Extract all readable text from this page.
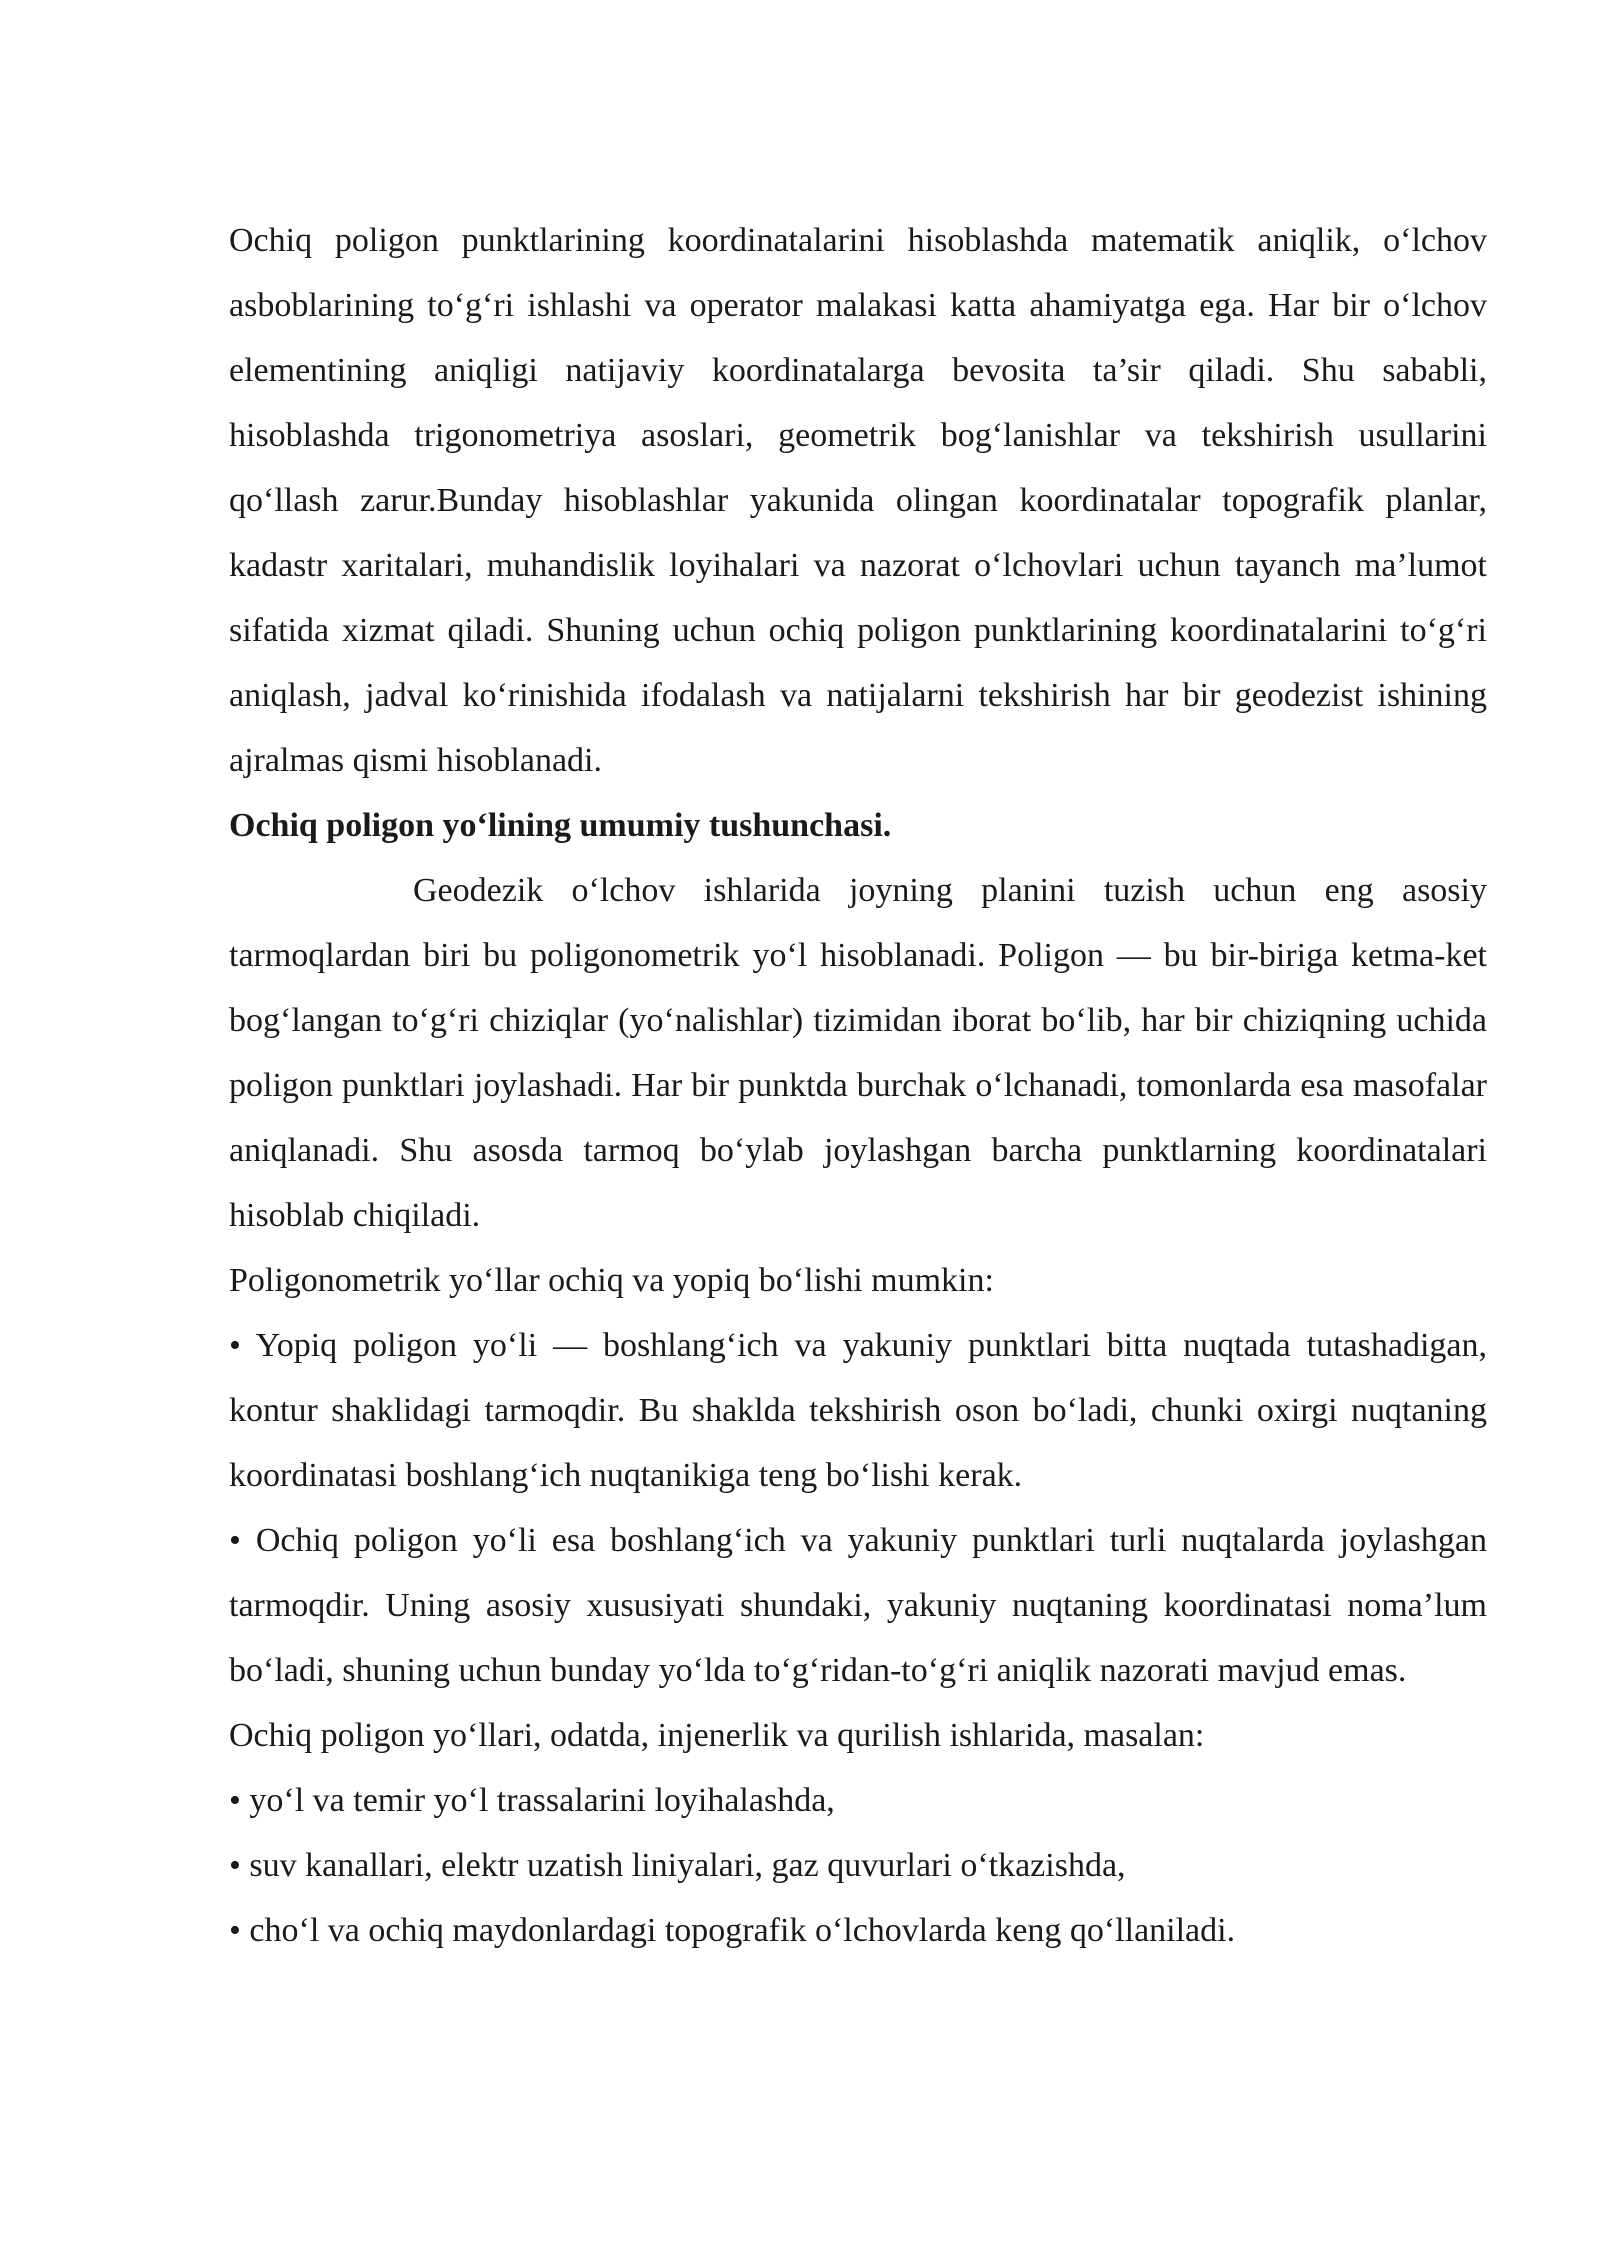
Ochiq poligon punktlarining koordinatalarini hisoblashda matematik aniqlik, o‘lchov asboblarining to‘g‘ri ishlashi va operator malakasi katta ahamiyatga ega. Har bir o‘lchov elementining aniqligi natijaviy koordinatalarga bevosita ta’sir qiladi. Shu sababli, hisoblashda trigonometriya asoslari, geometrik bog‘lanishlar va tekshirish usullarini qo‘llash zarur.Bunday hisoblashlar yakunida olingan koordinatalar topografik planlar, kadastr xaritalari, muhandislik loyihalari va nazorat o‘lchovlari uchun tayanch ma’lumot sifatida xizmat qiladi. Shuning uchun ochiq poligon punktlarining koordinatalarini to‘g‘ri aniqlash, jadval ko‘rinishida ifodalash va natijalarni tekshirish har bir geodezist ishining ajralmas qismi hisoblanadi.

Ochiq poligon yo‘lining umumiy tushunchasi.

Geodezik o‘lchov ishlarida joyning planini tuzish uchun eng asosiy tarmoqlardan biri bu poligonometrik yo‘l hisoblanadi. Poligon — bu bir-biriga ketma-ket bog‘langan to‘g‘ri chiziqlar (yo‘nalishlar) tizimidan iborat bo‘lib, har bir chiziqning uchida poligon punktlari joylashadi. Har bir punktda burchak o‘lchanadi, tomonlarda esa masofalar aniqlanadi. Shu asosda tarmoq bo‘ylab joylashgan barcha punktlarning koordinatalari hisoblab chiqiladi.

Poligonometrik yo‘llar ochiq va yopiq bo‘lishi mumkin:

• Yopiq poligon yo‘li — boshlang‘ich va yakuniy punktlari bitta nuqtada tutashadigan, kontur shaklidagi tarmoqdir. Bu shaklda tekshirish oson bo‘ladi, chunki oxirgi nuqtaning koordinatasi boshlang‘ich nuqtanikiga teng bo‘lishi kerak.

• Ochiq poligon yo‘li esa boshlang‘ich va yakuniy punktlari turli nuqtalarda joylashgan tarmoqdir. Uning asosiy xususiyati shundaki, yakuniy nuqtaning koordinatasi noma’lum bo‘ladi, shuning uchun bunday yo‘lda to‘g‘ridan-to‘g‘ri aniqlik nazorati mavjud emas.

Ochiq poligon yo‘llari, odatda, injenerlik va qurilish ishlarida, masalan:

• yo‘l va temir yo‘l trassalarini loyihalashda,

• suv kanallari, elektr uzatish liniyalari, gaz quvurlari o‘tkazishda,

• cho‘l va ochiq maydonlardagi topografik o‘lchovlarda keng qo‘llaniladi.
